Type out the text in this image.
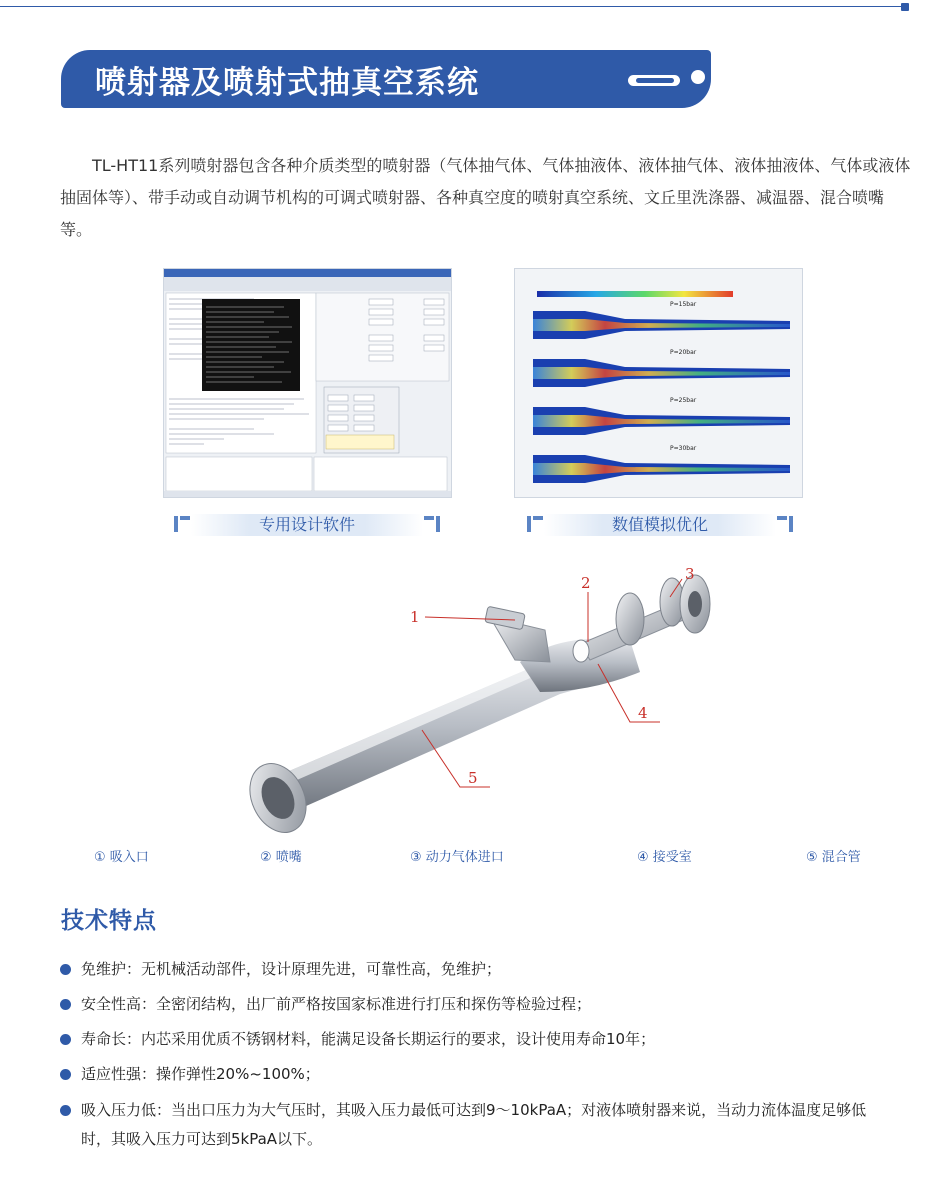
喷射器及喷射式抽真空系统
TL-HT11系列喷射器包含各种介质类型的喷射器（气体抽气体、气体抽液体、液体抽气体、液体抽液体、气体或液体抽固体等）、带手动或自动调节机构的可调式喷射器、各种真空度的喷射真空系统、文丘里洗涤器、减温器、混合喷嘴等。
P=15bar
P=20bar
P=25bar
P=30bar
专用设计软件	数值模拟优化
1
2	3
4
5
① 吸入口	② 喷嘴	③ 动力气体进口	④ 接受室	⑤ 混合管
技术特点
免维护：无机械活动部件，设计原理先进，可靠性高，免维护；
安全性高：全密闭结构，出厂前严格按国家标准进行打压和探伤等检验过程；
寿命长：内芯采用优质不锈钢材料，能满足设备长期运行的要求，设计使用寿命10年；
适应性强：操作弹性20%~100%；
吸入压力低：当出口压力为大气压时，其吸入压力最低可达到9～10kPaA；对液体喷射器来说，当动力流体温度足够低时，其吸入压力可达到5kPaA以下。
